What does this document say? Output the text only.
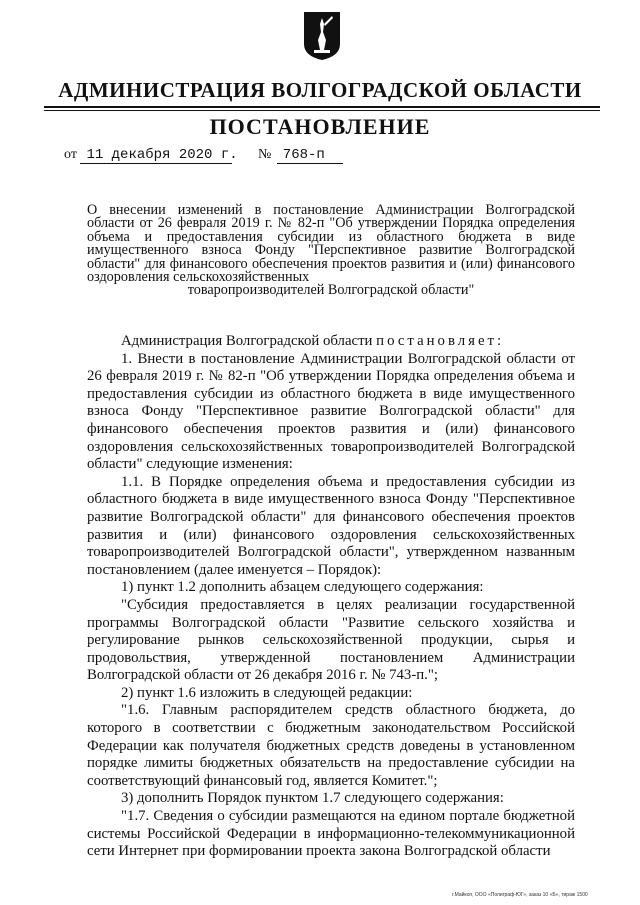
АДМИНИСТРАЦИЯ ВОЛГОГРАДСКОЙ ОБЛАСТИ
ПОСТАНОВЛЕНИЕ
от 11 декабря 2020 г. № 768-п
О внесении изменений в постановление Администрации Волгоградской области от 26 февраля 2019 г. № 82-п "Об утверждении Порядка определения объема и предоставления субсидии из областного бюджета в виде имущественного взноса Фонду "Перспективное развитие Волгоградской области" для финансового обеспечения проектов развития и (или) финансового оздоровления сельскохозяйственных
товаропроизводителей Волгоградской области"

Администрация Волгоградской области постановляет:

1. Внести в постановление Администрации Волгоградской области от 26 февраля 2019 г. № 82-п "Об утверждении Порядка определения объема и предоставления субсидии из областного бюджета в виде имущественного взноса Фонду "Перспективное развитие Волгоградской области" для финансового обеспечения проектов развития и (или) финансового оздоровления сельскохозяйственных товаропроизводителей Волгоградской области" следующие изменения:

1.1. В Порядке определения объема и предоставления субсидии из областного бюджета в виде имущественного взноса Фонду "Перспективное развитие Волгоградской области" для финансового обеспечения проектов развития и (или) финансового оздоровления сельскохозяйственных товаропроизводителей Волгоградской области", утвержденном названным постановлением (далее именуется – Порядок):

1) пункт 1.2 дополнить абзацем следующего содержания:

"Субсидия предоставляется в целях реализации государственной программы Волгоградской области "Развитие сельского хозяйства и регулирование рынков сельскохозяйственной продукции, сырья и продовольствия, утвержденной постановлением Администрации Волгоградской области от 26 декабря 2016 г. № 743-п.";

2) пункт 1.6 изложить в следующей редакции:

"1.6. Главным распорядителем средств областного бюджета, до которого в соответствии с бюджетным законодательством Российской Федерации как получателя бюджетных средств доведены в установленном порядке лимиты бюджетных обязательств на предоставление субсидии на соответствующий финансовый год, является Комитет.";

3) дополнить Порядок пунктом 1.7 следующего содержания:

"1.7. Сведения о субсидии размещаются на едином портале бюджетной системы Российской Федерации в информационно-телекоммуникационной сети Интернет при формировании проекта закона Волгоградской области

г.Майкоп, ООО «Полиграф-ЮГ», заказ 10 «Б», тираж 1500
